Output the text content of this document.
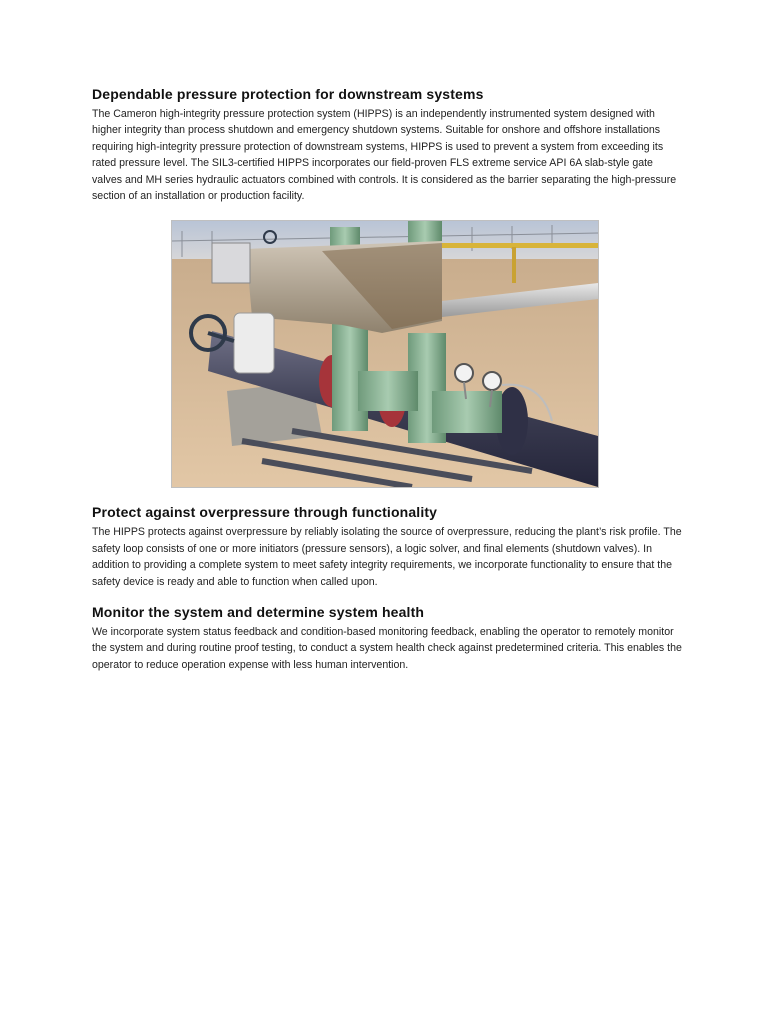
Dependable pressure protection for downstream systems

The Cameron high-integrity pressure protection system (HIPPS) is an independently instrumented system designed with higher integrity than process shutdown and emergency shutdown systems. Suitable for onshore and offshore installations requiring high-integrity pressure protection of downstream systems, HIPPS is used to prevent a system from exceeding its rated pressure level. The SIL3-certified HIPPS incorporates our field-proven FLS extreme service API 6A slab-style gate valves and MH series hydraulic actuators combined with controls. It is considered as the barrier separating the high-pressure section of an installation or production facility.

Protect against overpressure through functionality

The HIPPS protects against overpressure by reliably isolating the source of overpressure, reducing the plant’s risk profile. The safety loop consists of one or more initiators (pressure sensors), a logic solver, and final elements (shutdown valves). In addition to providing a complete system to meet safety integrity requirements, we incorporate functionality to ensure that the safety device is ready and able to function when called upon.

Monitor the system and determine system health

We incorporate system status feedback and condition-based monitoring feedback, enabling the operator to remotely monitor the system and during routine proof testing, to conduct a system health check against predetermined criteria. This enables the operator to reduce operation expense with less human intervention.
